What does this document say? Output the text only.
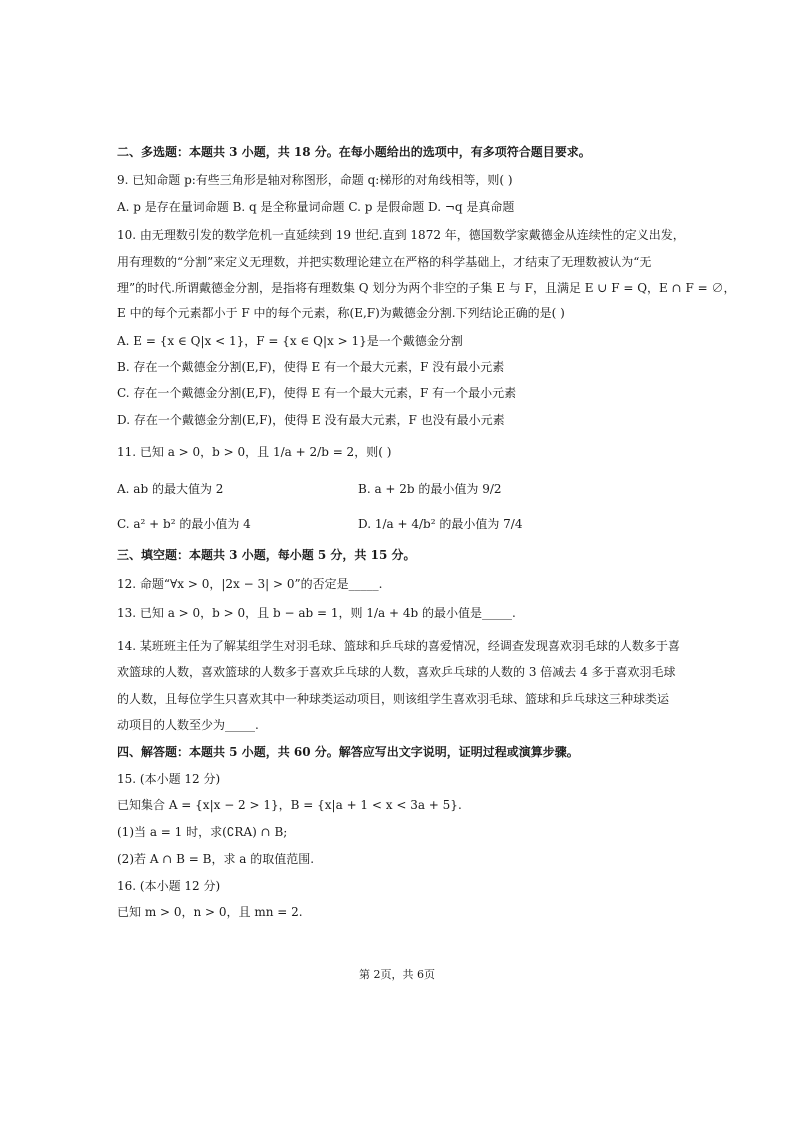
二、多选题：本题共 3 小题，共 18 分。在每小题给出的选项中，有多项符合题目要求。
9. 已知命题 p:有些三角形是轴对称图形，命题 q:梯形的对角线相等，则( )
A. p 是存在量词命题 B. q 是全称量词命题 C. p 是假命题 D. ¬q 是真命题
10. 由无理数引发的数学危机一直延续到 19 世纪.直到 1872 年，德国数学家戴德金从连续性的定义出发，
用有理数的“分割”来定义无理数，并把实数理论建立在严格的科学基础上，才结束了无理数被认为“无
理”的时代.所谓戴德金分割，是指将有理数集 Q 划分为两个非空的子集 E 与 F，且满足 E ∪ F = Q，E ∩ F = ∅，
E 中的每个元素都小于 F 中的每个元素，称(E,F)为戴德金分割.下列结论正确的是( )
A. E = {x ∈ Q|x < 1}，F = {x ∈ Q|x > 1}是一个戴德金分割
B. 存在一个戴德金分割(E,F)，使得 E 有一个最大元素，F 没有最小元素
C. 存在一个戴德金分割(E,F)，使得 E 有一个最大元素，F 有一个最小元素
D. 存在一个戴德金分割(E,F)，使得 E 没有最大元素，F 也没有最小元素
11. 已知 a > 0，b > 0，且 1/a + 2/b = 2，则( )
A. ab 的最大值为 2	B. a + 2b 的最小值为 9/2
C. a² + b² 的最小值为 4	D. 1/a + 4/b² 的最小值为 7/4
三、填空题：本题共 3 小题，每小题 5 分，共 15 分。
12. 命题“∀x > 0，|2x − 3| > 0”的否定是_____.
13. 已知 a > 0，b > 0，且 b − ab = 1，则 1/a + 4b 的最小值是_____.
14. 某班班主任为了解某组学生对羽毛球、篮球和乒乓球的喜爱情况，经调查发现喜欢羽毛球的人数多于喜
欢篮球的人数，喜欢篮球的人数多于喜欢乒乓球的人数，喜欢乒乓球的人数的 3 倍减去 4 多于喜欢羽毛球
的人数，且每位学生只喜欢其中一种球类运动项目，则该组学生喜欢羽毛球、篮球和乒乓球这三种球类运
动项目的人数至少为_____.
四、解答题：本题共 5 小题，共 60 分。解答应写出文字说明，证明过程或演算步骤。
15. (本小题 12 分)
已知集合 A = {x|x − 2 > 1}，B = {x|a + 1 < x < 3a + 5}.
(1)当 a = 1 时，求(∁RA) ∩ B;
(2)若 A ∩ B = B，求 a 的取值范围.
16. (本小题 12 分)
已知 m > 0，n > 0，且 mn = 2.
第 2页，共 6页
